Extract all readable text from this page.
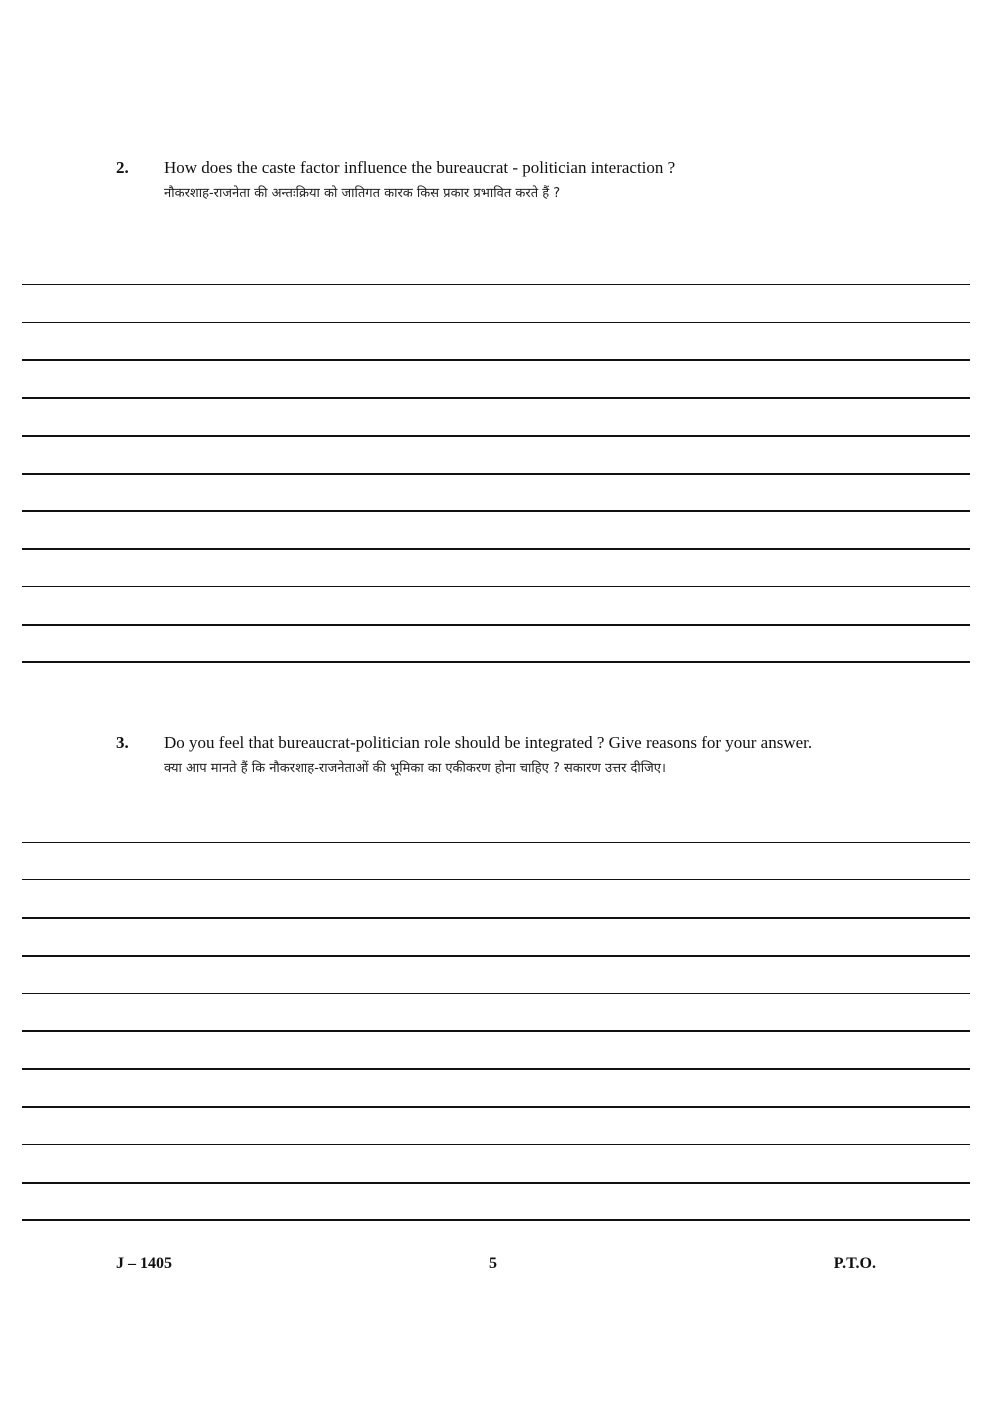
2.	How does the caste factor influence the bureaucrat - politician interaction ?
नौकरशाह-राजनेता की अन्तःक्रिया को जातिगत कारक किस प्रकार प्रभावित करते हैं ?
3.	Do you feel that bureaucrat-politician role should be integrated ? Give reasons for your answer.
क्या आप मानते हैं कि नौकरशाह-राजनेताओं की भूमिका का एकीकरण होना चाहिए ? सकारण उत्तर दीजिए।
J – 1405	5	P.T.O.
